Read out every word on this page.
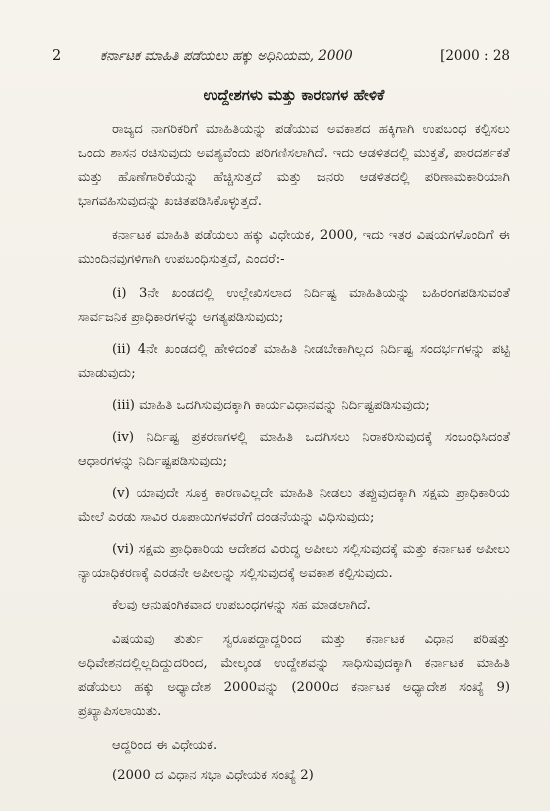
2	ಕರ್ನಾಟಕ ಮಾಹಿತಿ ಪಡೆಯಲು ಹಕ್ಕು ಅಧಿನಿಯಮ, 2000	[2000 : 28
ಉದ್ದೇಶಗಳು ಮತ್ತು ಕಾರಣಗಳ ಹೇಳಿಕೆ

ರಾಜ್ಯದ ನಾಗರಿಕರಿಗೆ ಮಾಹಿತಿಯನ್ನು ಪಡೆಯುವ ಅವಕಾಶದ ಹಕ್ಕಿಗಾಗಿ ಉಪಬಂಧ ಕಲ್ಪಿಸಲು ಒಂದು ಶಾಸನ ರಚಿಸುವುದು ಅವಶ್ಯವೆಂದು ಪರಿಗಣಿಸಲಾಗಿದೆ. ಇದು ಆಡಳಿತದಲ್ಲಿ ಮುಕ್ತತೆ, ಪಾರದರ್ಶಕತೆ ಮತ್ತು ಹೊಣೆಗಾರಿಕೆಯನ್ನು ಹೆಚ್ಚಿಸುತ್ತದೆ ಮತ್ತು ಜನರು ಆಡಳಿತದಲ್ಲಿ ಪರಿಣಾಮಕಾರಿಯಾಗಿ ಭಾಗವಹಿಸುವುದನ್ನು ಖಚಿತಪಡಿಸಿಕೊಳ್ಳುತ್ತದೆ.

ಕರ್ನಾಟಕ ಮಾಹಿತಿ ಪಡೆಯಲು ಹಕ್ಕು ವಿಧೇಯಕ, 2000, ಇದು ಇತರ ವಿಷಯಗಳೊಂದಿಗೆ ಈ ಮುಂದಿನವುಗಳಿಗಾಗಿ ಉಪಬಂಧಿಸುತ್ತದೆ, ಎಂದರೆ:-

(i) 3ನೇ ಖಂಡದಲ್ಲಿ ಉಲ್ಲೇಖಿಸಲಾದ ನಿರ್ದಿಷ್ಟ ಮಾಹಿತಿಯನ್ನು ಬಹಿರಂಗಪಡಿಸುವಂತೆ ಸಾರ್ವಜನಿಕ ಪ್ರಾಧಿಕಾರಗಳನ್ನು ಅಗತ್ಯಪಡಿಸುವುದು;

(ii) 4ನೇ ಖಂಡದಲ್ಲಿ ಹೇಳಿದಂತೆ ಮಾಹಿತಿ ನೀಡಬೇಕಾಗಿಲ್ಲದ ನಿರ್ದಿಷ್ಟ ಸಂದರ್ಭಗಳನ್ನು ಪಟ್ಟಿ ಮಾಡುವುದು;

(iii) ಮಾಹಿತಿ ಒದಗಿಸುವುದಕ್ಕಾಗಿ ಕಾರ್ಯವಿಧಾನವನ್ನು ನಿರ್ದಿಷ್ಟಪಡಿಸುವುದು;

(iv) ನಿರ್ದಿಷ್ಟ ಪ್ರಕರಣಗಳಲ್ಲಿ ಮಾಹಿತಿ ಒದಗಿಸಲು ನಿರಾಕರಿಸುವುದಕ್ಕೆ ಸಂಬಂಧಿಸಿದಂತೆ ಆಧಾರಗಳನ್ನು ನಿರ್ದಿಷ್ಟಪಡಿಸುವುದು;

(v) ಯಾವುದೇ ಸೂಕ್ತ ಕಾರಣವಿಲ್ಲದೇ ಮಾಹಿತಿ ನೀಡಲು ತಪ್ಪುವುದಕ್ಕಾಗಿ ಸಕ್ಷಮ ಪ್ರಾಧಿಕಾರಿಯ ಮೇಲೆ ಎರಡು ಸಾವಿರ ರೂಪಾಯಿಗಳವರೆಗೆ ದಂಡನೆಯನ್ನು ವಿಧಿಸುವುದು;

(vi) ಸಕ್ಷಮ ಪ್ರಾಧಿಕಾರಿಯ ಆದೇಶದ ವಿರುದ್ಧ ಅಪೀಲು ಸಲ್ಲಿಸುವುದಕ್ಕೆ ಮತ್ತು ಕರ್ನಾಟಕ ಅಪೀಲು ನ್ಯಾಯಾಧಿಕರಣಕ್ಕೆ ಎರಡನೇ ಅಪೀಲನ್ನು ಸಲ್ಲಿಸುವುದಕ್ಕೆ ಅವಕಾಶ ಕಲ್ಪಿಸುವುದು.

ಕೆಲವು ಆನುಷಂಗಿಕವಾದ ಉಪಬಂಧಗಳನ್ನು ಸಹ ಮಾಡಲಾಗಿದೆ.

ವಿಷಯವು ತುರ್ತು ಸ್ವರೂಪದ್ದಾದ್ದರಿಂದ ಮತ್ತು ಕರ್ನಾಟಕ ವಿಧಾನ ಪರಿಷತ್ತು ಅಧಿವೇಶನದಲ್ಲಿಲ್ಲದಿದ್ದುದರಿಂದ, ಮೇಲ್ಕಂಡ ಉದ್ದೇಶವನ್ನು ಸಾಧಿಸುವುದಕ್ಕಾಗಿ ಕರ್ನಾಟಕ ಮಾಹಿತಿ ಪಡೆಯಲು ಹಕ್ಕು ಅಧ್ಯಾದೇಶ 2000ವನ್ನು (2000ದ ಕರ್ನಾಟಕ ಅಧ್ಯಾದೇಶ ಸಂಖ್ಯೆ 9) ಪ್ರಖ್ಯಾಪಿಸಲಾಯಿತು.

ಆದ್ದರಿಂದ ಈ ವಿಧೇಯಕ.

(2000 ದ ವಿಧಾನ ಸಭಾ ವಿಧೇಯಕ ಸಂಖ್ಯೆ 2)
